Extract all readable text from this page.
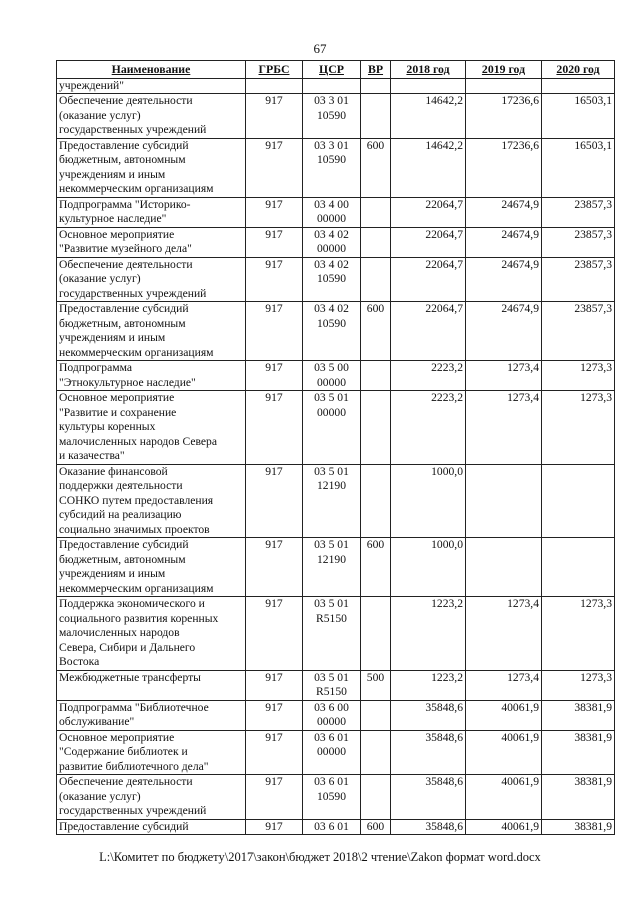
67
Наименование	ГРБС	ЦСР	ВР	2018 год	2019 год	2020 год
учреждений"						
Обеспечение деятельности
(оказание услуг)
государственных учреждений	917	03 3 01
10590		14642,2	17236,6	16503,1
Предоставление субсидий
бюджетным, автономным
учреждениям и иным
некоммерческим организациям	917	03 3 01
10590	600	14642,2	17236,6	16503,1
Подпрограмма "Историко-
культурное наследие"	917	03 4 00
00000		22064,7	24674,9	23857,3
Основное мероприятие
"Развитие музейного дела"	917	03 4 02
00000		22064,7	24674,9	23857,3
Обеспечение деятельности
(оказание услуг)
государственных учреждений	917	03 4 02
10590		22064,7	24674,9	23857,3
Предоставление субсидий
бюджетным, автономным
учреждениям и иным
некоммерческим организациям	917	03 4 02
10590	600	22064,7	24674,9	23857,3
Подпрограмма
"Этнокультурное наследие"	917	03 5 00
00000		2223,2	1273,4	1273,3
Основное мероприятие
"Развитие и сохранение
культуры коренных
малочисленных народов Севера
и казачества"	917	03 5 01
00000		2223,2	1273,4	1273,3
Оказание финансовой
поддержки деятельности
СОНКО путем предоставления
субсидий на реализацию
социально значимых проектов	917	03 5 01
12190		1000,0		
Предоставление субсидий
бюджетным, автономным
учреждениям и иным
некоммерческим организациям	917	03 5 01
12190	600	1000,0		
Поддержка экономического и
социального развития коренных
малочисленных народов
Севера, Сибири и Дальнего
Востока	917	03 5 01
R5150		1223,2	1273,4	1273,3
Межбюджетные трансферты	917	03 5 01
R5150	500	1223,2	1273,4	1273,3
Подпрограмма "Библиотечное
обслуживание"	917	03 6 00
00000		35848,6	40061,9	38381,9
Основное мероприятие
"Содержание библиотек и
развитие библиотечного дела"	917	03 6 01
00000		35848,6	40061,9	38381,9
Обеспечение деятельности
(оказание услуг)
государственных учреждений	917	03 6 01
10590		35848,6	40061,9	38381,9
Предоставление субсидий	917	03 6 01	600	35848,6	40061,9	38381,9
L:\Комитет по бюджету\2017\закон\бюджет 2018\2 чтение\Zakon формат word.docx
